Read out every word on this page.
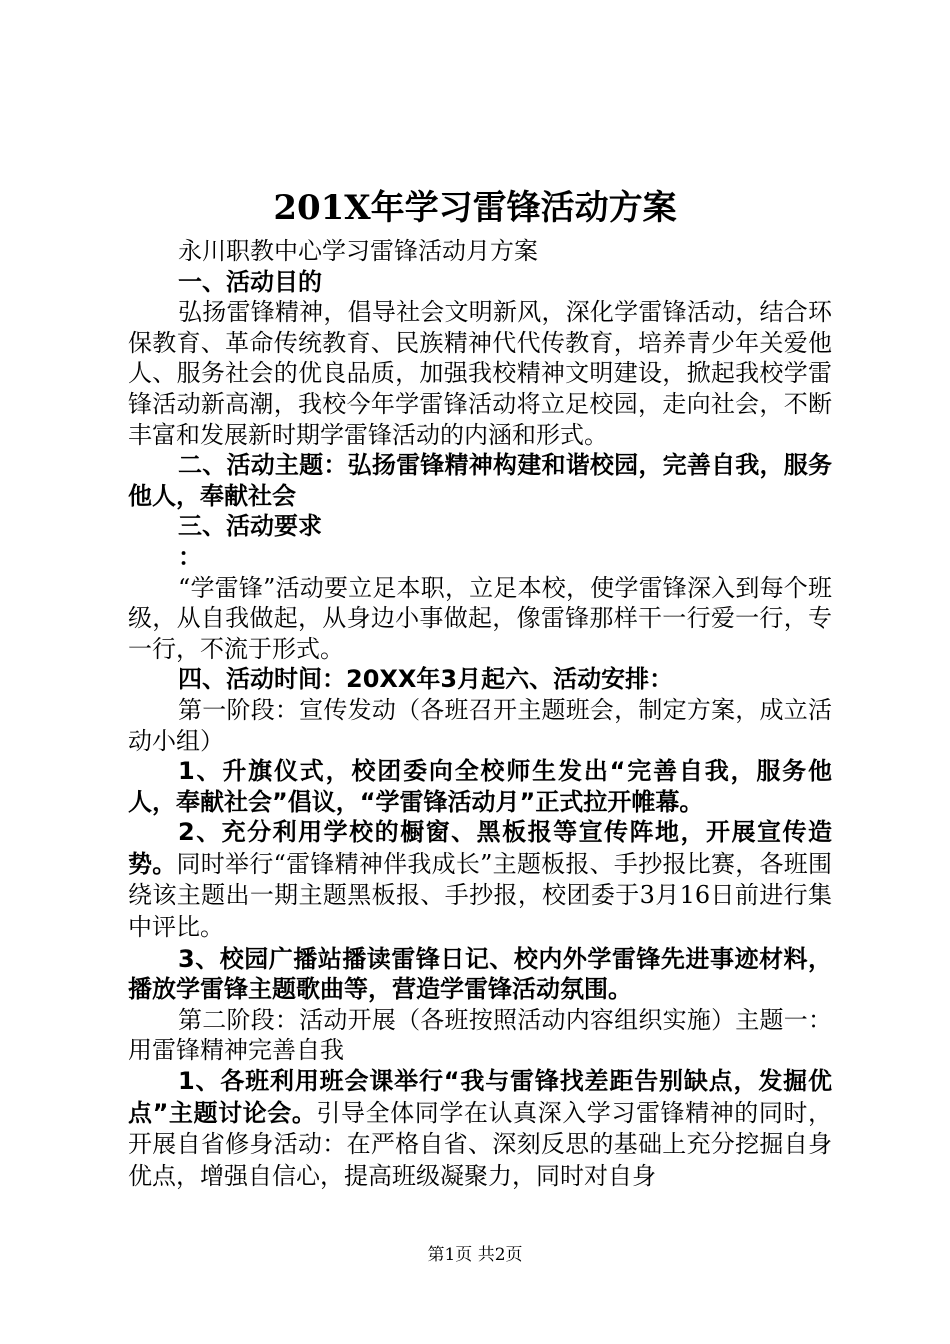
201X年学习雷锋活动方案

永川职教中心学习雷锋活动月方案

一、活动目的

弘扬雷锋精神，倡导社会文明新风，深化学雷锋活动，结合环保教育、革命传统教育、民族精神代代传教育，培养青少年关爱他人、服务社会的优良品质，加强我校精神文明建设，掀起我校学雷锋活动新高潮，我校今年学雷锋活动将立足校园，走向社会，不断丰富和发展新时期学雷锋活动的内涵和形式。

二、活动主题：弘扬雷锋精神构建和谐校园，完善自我，服务他人，奉献社会

三、活动要求

：

“学雷锋”活动要立足本职，立足本校，使学雷锋深入到每个班级，从自我做起，从身边小事做起，像雷锋那样干一行爱一行，专一行，不流于形式。

四、活动时间：20XX年3月起六、活动安排：

第一阶段：宣传发动（各班召开主题班会，制定方案，成立活动小组）

1、升旗仪式，校团委向全校师生发出“完善自我，服务他人，奉献社会”倡议，“学雷锋活动月”正式拉开帷幕。

2、充分利用学校的橱窗、黑板报等宣传阵地，开展宣传造势。同时举行“雷锋精神伴我成长”主题板报、手抄报比赛，各班围绕该主题出一期主题黑板报、手抄报，校团委于3月16日前进行集中评比。

3、校园广播站播读雷锋日记、校内外学雷锋先进事迹材料，播放学雷锋主题歌曲等，营造学雷锋活动氛围。

第二阶段：活动开展（各班按照活动内容组织实施）主题一：用雷锋精神完善自我

1、各班利用班会课举行“我与雷锋找差距告别缺点，发掘优点”主题讨论会。引导全体同学在认真深入学习雷锋精神的同时，开展自省修身活动：在严格自省、深刻反思的基础上充分挖掘自身优点，增强自信心，提高班级凝聚力，同时对自身

第1页 共2页
